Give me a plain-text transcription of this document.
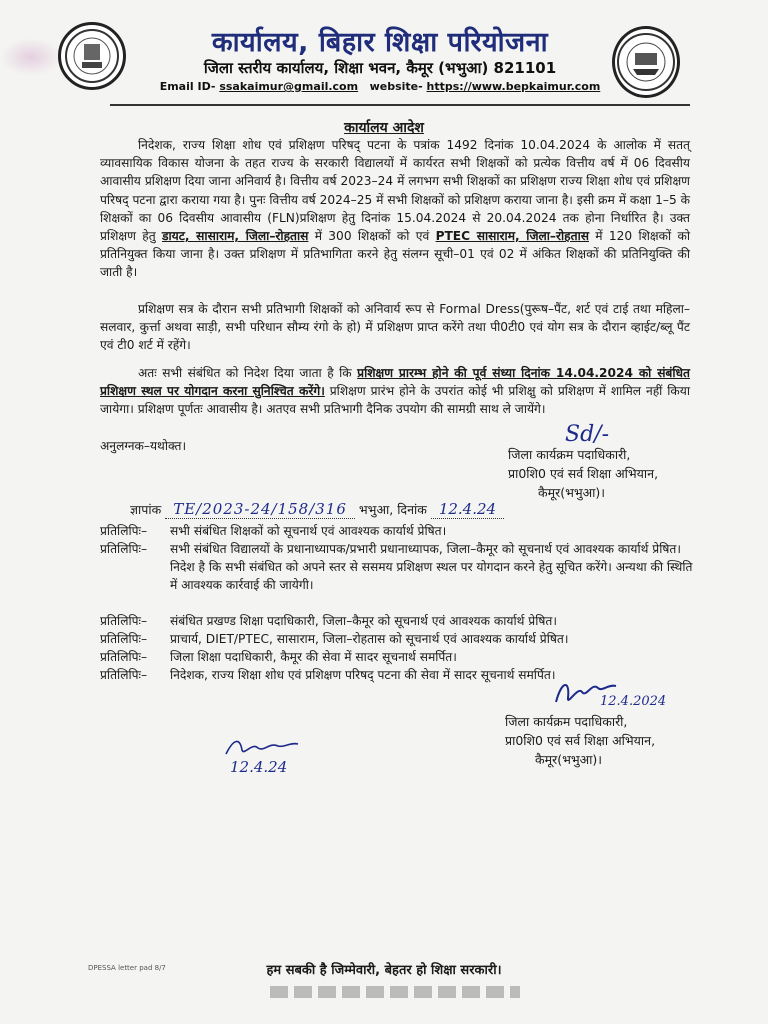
कार्यालय, बिहार शिक्षा परियोजना
जिला स्तरीय कार्यालय, शिक्षा भवन, कैमूर (भभुआ) 821101
Email ID- ssakaimur@gmail.com website- https://www.bepkaimur.com
कार्यालय आदेश
निदेशक, राज्य शिक्षा शोध एवं प्रशिक्षण परिषद् पटना के पत्रांक 1492 दिनांक 10.04.2024 के आलोक में सतत् व्यावसायिक विकास योजना के तहत राज्य के सरकारी विद्यालयों में कार्यरत सभी शिक्षकों को प्रत्येक वित्तीय वर्ष में 06 दिवसीय आवासीय प्रशिक्षण दिया जाना अनिवार्य है। वित्तीय वर्ष 2023–24 में लगभग सभी शिक्षकों का प्रशिक्षण राज्य शिक्षा शोध एवं प्रशिक्षण परिषद् पटना द्वारा कराया गया है। पुनः वित्तीय वर्ष 2024–25 में सभी शिक्षकों को प्रशिक्षण कराया जाना है। इसी क्रम में कक्षा 1–5 के शिक्षकों का 06 दिवसीय आवासीय (FLN)प्रशिक्षण हेतु दिनांक 15.04.2024 से 20.04.2024 तक होना निर्धारित है। उक्त प्रशिक्षण हेतु डायट, सासाराम, जिला–रोहतास में 300 शिक्षकों को एवं PTEC सासाराम, जिला–रोहतास में 120 शिक्षकों को प्रतिनियुक्त किया जाना है। उक्त प्रशिक्षण में प्रतिभागिता करने हेतु संलग्न सूची–01 एवं 02 में अंकित शिक्षकों की प्रतिनियुक्ति की जाती है।
प्रशिक्षण सत्र के दौरान सभी प्रतिभागी शिक्षकों को अनिवार्य रूप से Formal Dress(पुरूष–पैंट, शर्ट एवं टाई तथा महिला–सलवार, कुर्त्ता अथवा साड़ी, सभी परिधान सौम्य रंगो के हो) में प्रशिक्षण प्राप्त करेंगे तथा पी0टी0 एवं योग सत्र के दौरान व्हाईट/ब्लू पैंट एवं टी0 शर्ट में रहेंगे।
अतः सभी संबंधित को निदेश दिया जाता है कि प्रशिक्षण प्रारम्भ होने की पूर्व संध्या दिनांक 14.04.2024 को संबंधित प्रशिक्षण स्थल पर योगदान करना सुनिश्चित करेंगे। प्रशिक्षण प्रारंभ होने के उपरांत कोई भी प्रशिक्षु को प्रशिक्षण में शामिल नहीं किया जायेगा। प्रशिक्षण पूर्णतः आवासीय है। अतएव सभी प्रतिभागी दैनिक उपयोग की सामग्री साथ ले जायेंगे।
अनुलग्नक–यथोक्त।	Sd/-
जिला कार्यक्रम पदाधिकारी,
प्रा0शि0 एवं सर्व शिक्षा अभियान,
कैमूर(भभुआ)।
ज्ञापांक TE/2023-24/158/316 भभुआ, दिनांक 12.4.24
प्रतिलिपिः–	सभी संबंधित शिक्षकों को सूचनार्थ एवं आवश्यक कार्यार्थ प्रेषित।
प्रतिलिपिः–	सभी संबंधित विद्यालयों के प्रधानाध्यापक/प्रभारी प्रधानाध्यापक, जिला–कैमूर को सूचनार्थ एवं आवश्यक कार्यार्थ प्रेषित। निदेश है कि सभी संबंधित को अपने स्तर से ससमय प्रशिक्षण स्थल पर योगदान करने हेतु सूचित करेंगे। अन्यथा की स्थिति में आवश्यक कार्रवाई की जायेगी।
प्रतिलिपिः–	संबंधित प्रखण्ड शिक्षा पदाधिकारी, जिला–कैमूर को सूचनार्थ एवं आवश्यक कार्यार्थ प्रेषित।
प्रतिलिपिः–	प्राचार्य, DIET/PTEC, सासाराम, जिला–रोहतास को सूचनार्थ एवं आवश्यक कार्यार्थ प्रेषित।
प्रतिलिपिः–	जिला शिक्षा पदाधिकारी, कैमूर की सेवा में सादर सूचनार्थ समर्पित।
प्रतिलिपिः–	निदेशक, राज्य शिक्षा शोध एवं प्रशिक्षण परिषद् पटना की सेवा में सादर सूचनार्थ समर्पित।
12.4.2024
जिला कार्यक्रम पदाधिकारी,
प्रा0शि0 एवं सर्व शिक्षा अभियान,
कैमूर(भभुआ)।
12.4.24
DPESSA letter pad 8/7	हम सबकी है जिम्मेवारी, बेहतर हो शिक्षा सरकारी।
